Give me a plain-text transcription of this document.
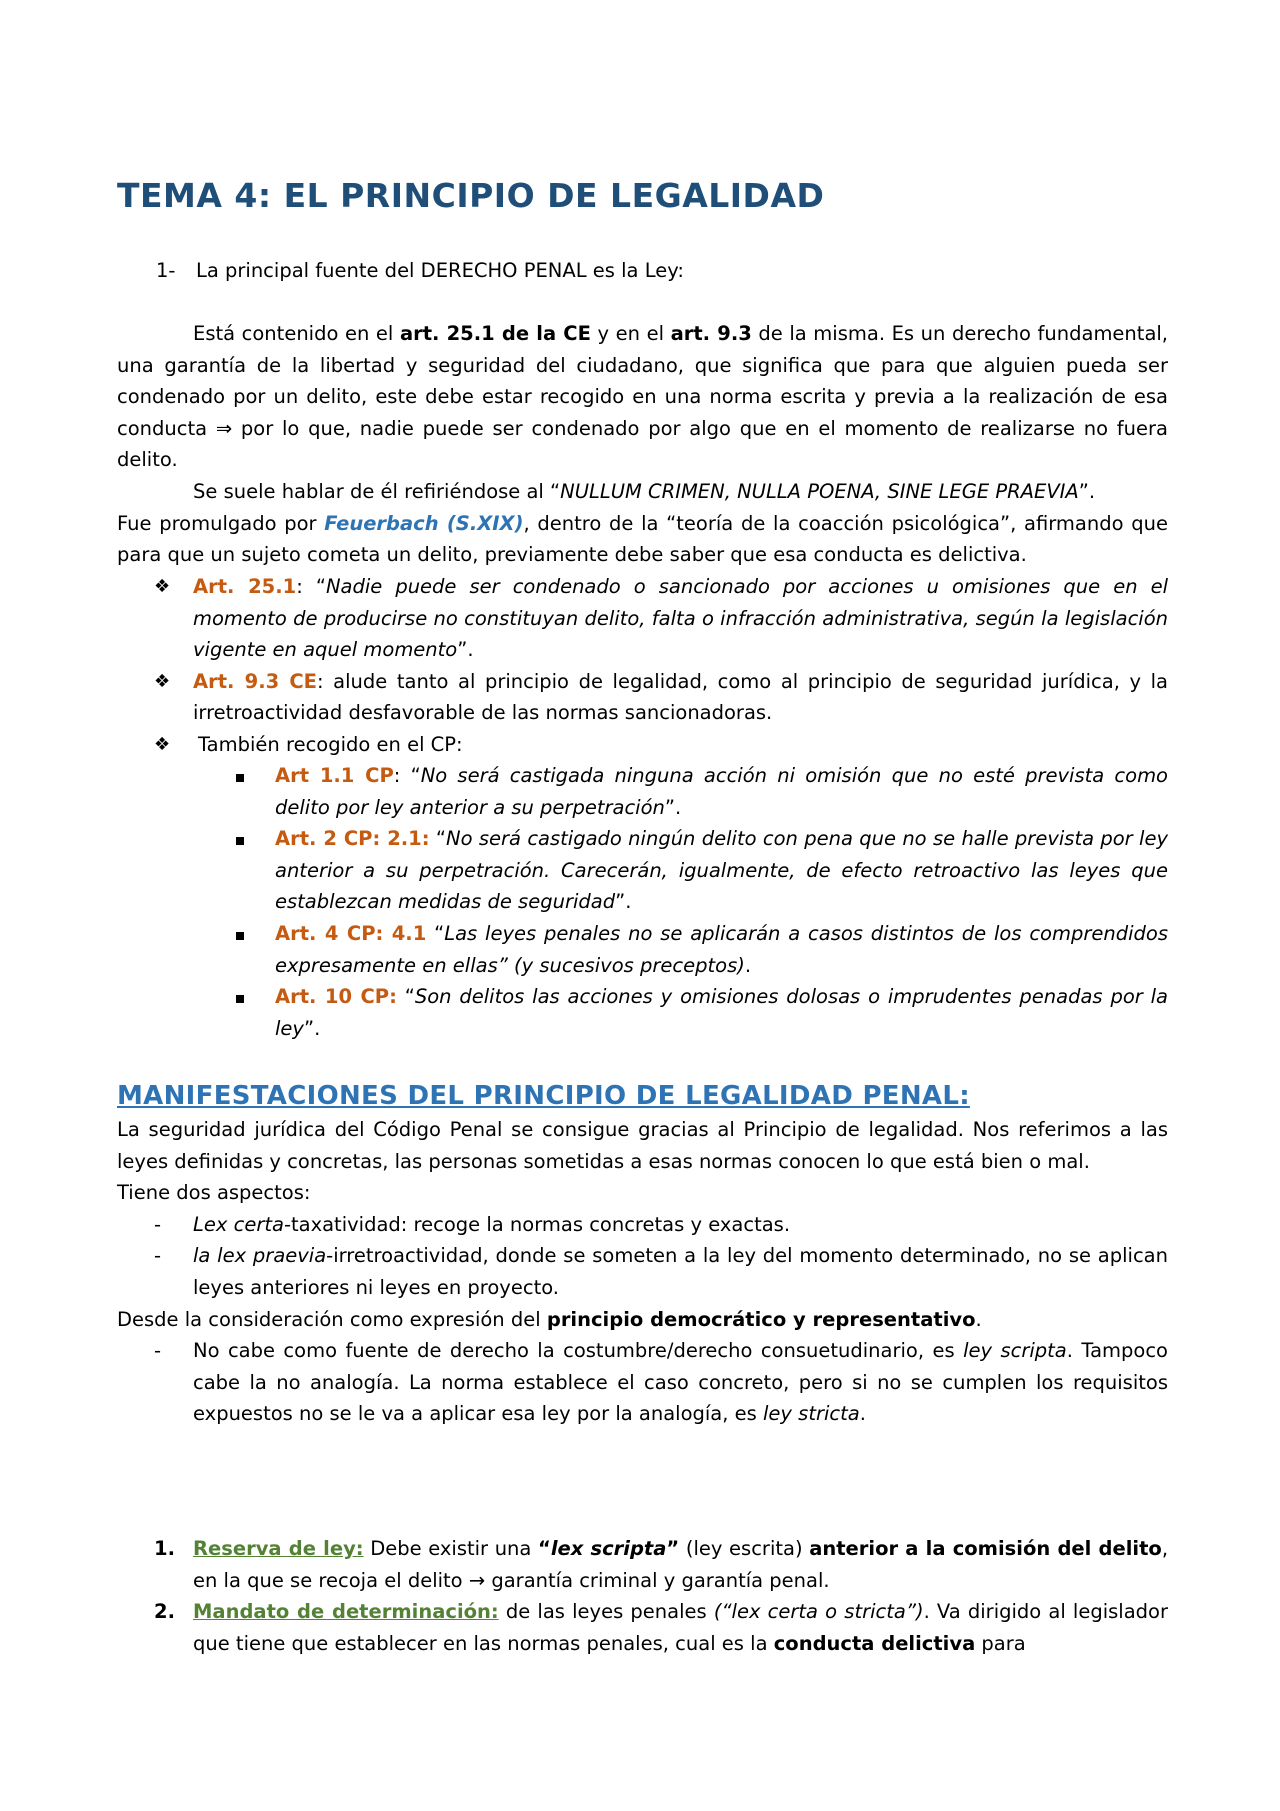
TEMA 4: EL PRINCIPIO DE LEGALIDAD
1-	La principal fuente del DERECHO PENAL es la Ley:
Está contenido en el art. 25.1 de la CE y en el art. 9.3 de la misma. Es un derecho fundamental, una garantía de la libertad y seguridad del ciudadano, que significa que para que alguien pueda ser condenado por un delito, este debe estar recogido en una norma escrita y previa a la realización de esa conducta ⇒ por lo que, nadie puede ser condenado por algo que en el momento de realizarse no fuera delito.
Se suele hablar de él refiriéndose al “NULLUM CRIMEN, NULLA POENA, SINE LEGE PRAEVIA”.
Fue promulgado por Feuerbach (S.XIX), dentro de la “teoría de la coacción psicológica”, afirmando que para que un sujeto cometa un delito, previamente debe saber que esa conducta es delictiva.
❖	Art. 25.1: “Nadie puede ser condenado o sancionado por acciones u omisiones que en el momento de producirse no constituyan delito, falta o infracción administrativa, según la legislación vigente en aquel momento”.
❖	Art. 9.3 CE: alude tanto al principio de legalidad, como al principio de seguridad jurídica, y la irretroactividad desfavorable de las normas sancionadoras.
❖	También recogido en el CP:
Art 1.1 CP: “No será castigada ninguna acción ni omisión que no esté prevista como delito por ley anterior a su perpetración”.
Art. 2 CP: 2.1: “No será castigado ningún delito con pena que no se halle prevista por ley anterior a su perpetración. Carecerán, igualmente, de efecto retroactivo las leyes que establezcan medidas de seguridad”.
Art. 4 CP: 4.1 “Las leyes penales no se aplicarán a casos distintos de los comprendidos expresamente en ellas” (y sucesivos preceptos).
Art. 10 CP: “Son delitos las acciones y omisiones dolosas o imprudentes penadas por la ley”.
MANIFESTACIONES DEL PRINCIPIO DE LEGALIDAD PENAL:
La seguridad jurídica del Código Penal se consigue gracias al Principio de legalidad. Nos referimos a las leyes definidas y concretas, las personas sometidas a esas normas conocen lo que está bien o mal.
Tiene dos aspectos:
-	Lex certa-taxatividad: recoge la normas concretas y exactas.
-	la lex praevia-irretroactividad, donde se someten a la ley del momento determinado, no se aplican leyes anteriores ni leyes en proyecto.
Desde la consideración como expresión del principio democrático y representativo.
-	No cabe como fuente de derecho la costumbre/derecho consuetudinario, es ley scripta. Tampoco cabe la no analogía. La norma establece el caso concreto, pero si no se cumplen los requisitos expuestos no se le va a aplicar esa ley por la analogía, es ley stricta.
1. Reserva de ley: Debe existir una “lex scripta” (ley escrita) anterior a la comisión del delito, en la que se recoja el delito → garantía criminal y garantía penal.
2. Mandato de determinación: de las leyes penales (“lex certa o stricta”). Va dirigido al legislador que tiene que establecer en las normas penales, cual es la conducta delictiva para
